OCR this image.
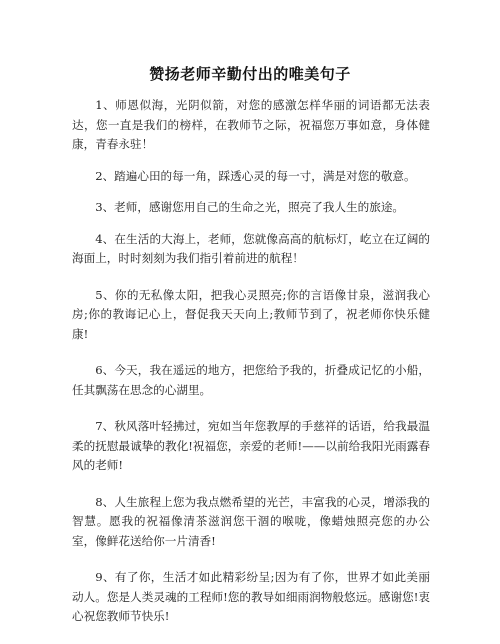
赞扬老师辛勤付出的唯美句子

1、师恩似海，光阴似箭，对您的感激怎样华丽的词语都无法表达，您一直是我们的榜样，在教师节之际，祝福您万事如意，身体健康，青春永驻！

2、踏遍心田的每一角，踩透心灵的每一寸，满是对您的敬意。

3、老师，感谢您用自己的生命之光，照亮了我人生的旅途。

4、在生活的大海上，老师，您就像高高的航标灯，屹立在辽阔的海面上，时时刻刻为我们指引着前进的航程！

5、你的无私像太阳，把我心灵照亮;你的言语像甘泉，滋润我心房;你的教诲记心上，督促我天天向上;教师节到了，祝老师你快乐健康!

6、今天，我在遥远的地方，把您给予我的，折叠成记忆的小船，任其飘荡在思念的心湖里。

7、秋风落叶轻拂过，宛如当年您教厚的手慈祥的话语，给我最温柔的抚慰最诚挚的教化!祝福您，亲爱的老师!——以前给我阳光雨露春风的老师!

8、人生旅程上您为我点燃希望的光芒，丰富我的心灵，增添我的智慧。愿我的祝福像清茶滋润您干涸的喉咙，像蜡烛照亮您的办公室，像鲜花送给你一片清香!

9、有了你，生活才如此精彩纷呈;因为有了你，世界才如此美丽动人。您是人类灵魂的工程师!您的教导如细雨润物般悠远。感谢您!衷心祝您教师节快乐!
